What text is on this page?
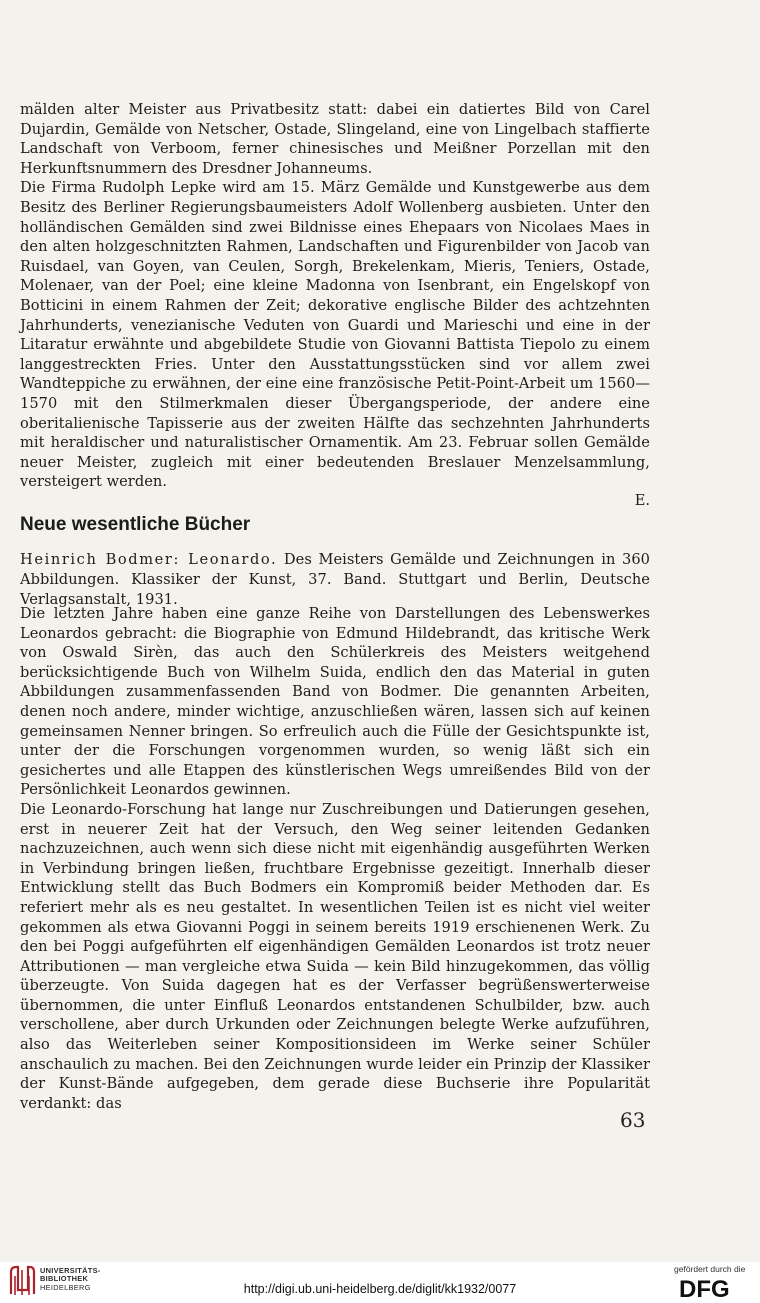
mälden alter Meister aus Privatbesitz statt: dabei ein datiertes Bild von Carel Dujardin, Gemälde von Netscher, Ostade, Slingeland, eine von Lingelbach staffierte Landschaft von Verboom, ferner chinesisches und Meißner Porzellan mit den Herkunftsnummern des Dresdner Johanneums.

Die Firma Rudolph Lepke wird am 15. März Gemälde und Kunstgewerbe aus dem Besitz des Berliner Regierungsbaumeisters Adolf Wollenberg ausbieten. Unter den holländischen Gemälden sind zwei Bildnisse eines Ehepaars von Nicolaes Maes in den alten holzgeschnitzten Rahmen, Landschaften und Figurenbilder von Jacob van Ruisdael, van Goyen, van Ceulen, Sorgh, Brekelenkam, Mieris, Teniers, Ostade, Molenaer, van der Poel; eine kleine Madonna von Isenbrant, ein Engelskopf von Botticini in einem Rahmen der Zeit; dekorative englische Bilder des achtzehnten Jahrhunderts, venezianische Veduten von Guardi und Marieschi und eine in der Litaratur erwähnte und abgebildete Studie von Giovanni Battista Tiepolo zu einem langgestreckten Fries. Unter den Ausstattungsstücken sind vor allem zwei Wandteppiche zu erwähnen, der eine eine französische Petit-Point-Arbeit um 1560—1570 mit den Stilmerkmalen dieser Übergangsperiode, der andere eine oberitalienische Tapisserie aus der zweiten Hälfte das sechzehnten Jahrhunderts mit heraldischer und naturalistischer Ornamentik. Am 23. Februar sollen Gemälde neuer Meister, zugleich mit einer bedeutenden Breslauer Menzelsammlung, versteigert werden.

E.
Neue wesentliche Bücher

Heinrich Bodmer: Leonardo. Des Meisters Gemälde und Zeichnungen in 360 Abbildungen. Klassiker der Kunst, 37. Band. Stuttgart und Berlin, Deutsche Verlagsanstalt, 1931.

Die letzten Jahre haben eine ganze Reihe von Darstellungen des Lebenswerkes Leonardos gebracht: die Biographie von Edmund Hildebrandt, das kritische Werk von Oswald Sirèn, das auch den Schülerkreis des Meisters weitgehend berücksichtigende Buch von Wilhelm Suida, endlich den das Material in guten Abbildungen zusammenfassenden Band von Bodmer. Die genannten Arbeiten, denen noch andere, minder wichtige, anzuschließen wären, lassen sich auf keinen gemeinsamen Nenner bringen. So erfreulich auch die Fülle der Gesichtspunkte ist, unter der die Forschungen vorgenommen wurden, so wenig läßt sich ein gesichertes und alle Etappen des künstlerischen Wegs umreißendes Bild von der Persönlichkeit Leonardos gewinnen.

Die Leonardo-Forschung hat lange nur Zuschreibungen und Datierungen gesehen, erst in neuerer Zeit hat der Versuch, den Weg seiner leitenden Gedanken nachzuzeichnen, auch wenn sich diese nicht mit eigenhändig ausgeführten Werken in Verbindung bringen ließen, fruchtbare Ergebnisse gezeitigt. Innerhalb dieser Entwicklung stellt das Buch Bodmers ein Kompromiß beider Methoden dar. Es referiert mehr als es neu gestaltet. In wesentlichen Teilen ist es nicht viel weiter gekommen als etwa Giovanni Poggi in seinem bereits 1919 erschienenen Werk. Zu den bei Poggi aufgeführten elf eigenhändigen Gemälden Leonardos ist trotz neuer Attributionen — man vergleiche etwa Suida — kein Bild hinzugekommen, das völlig überzeugte. Von Suida dagegen hat es der Verfasser begrüßenswerterweise übernommen, die unter Einfluß Leonardos entstandenen Schulbilder, bzw. auch verschollene, aber durch Urkunden oder Zeichnungen belegte Werke aufzuführen, also das Weiterleben seiner Kompositionsideen im Werke seiner Schüler anschaulich zu machen. Bei den Zeichnungen wurde leider ein Prinzip der Klassiker der Kunst-Bände aufgegeben, dem gerade diese Buchserie ihre Popularität verdankt: das

63

UNIVERSITÄTS-
BIBLIOTHEK
HEIDELBERG	http://digi.ub.uni-heidelberg.de/diglit/kk1932/0077
gefördert durch die
DFG
